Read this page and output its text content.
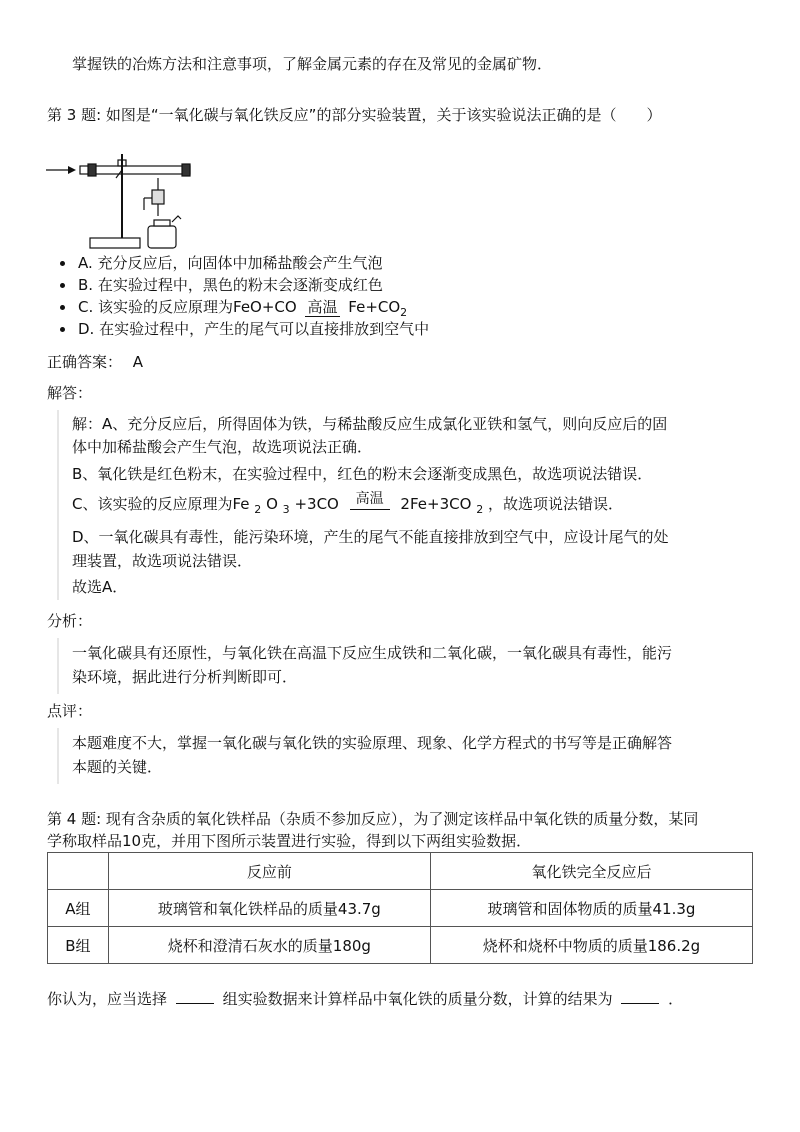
掌握铁的冶炼方法和注意事项，了解金属元素的存在及常见的金属矿物．
第 3 题: 如图是“一氧化碳与氧化铁反应”的部分实验装置，关于该实验说法正确的是（　　）
A. 充分反应后，向固体中加稀盐酸会产生气泡
B. 在实验过程中，黑色的粉末会逐渐变成红色
C. 该实验的反应原理为FeO+CO 高温 $Fe+CO_2$
D. 在实验过程中，产生的尾气可以直接排放到空气中
正确答案： A
解答：
解：A、充分反应后，所得固体为铁，与稀盐酸反应生成氯化亚铁和氢气，则向反应后的固
体中加稀盐酸会产生气泡，故选项说法正确．
B、氧化铁是红色粉末，在实验过程中，红色的粉末会逐渐变成黑色，故选项说法错误．
C、该实验的反应原理为Fe $_2$ O $_3$ +3CO	高温	2Fe+3CO $_2$ ，故选项说法错误．
D、一氧化碳具有毒性，能污染环境，产生的尾气不能直接排放到空气中，应设计尾气的处
理装置，故选项说法错误．
故选A．
分析：
一氧化碳具有还原性，与氧化铁在高温下反应生成铁和二氧化碳，一氧化碳具有毒性，能污
染环境，据此进行分析判断即可．
点评：
本题难度不大，掌握一氧化碳与氧化铁的实验原理、现象、化学方程式的书写等是正确解答
本题的关键．
第 4 题: 现有含杂质的氧化铁样品（杂质不参加反应），为了测定该样品中氧化铁的质量分数，某同
学称取样品10克，并用下图所示装置进行实验，得到以下两组实验数据．
	反应前	氧化铁完全反应后
A组	玻璃管和氧化铁样品的质量43.7g	玻璃管和固体物质的质量41.3g
B组	烧杯和澄清石灰水的质量180g	烧杯和烧杯中物质的质量186.2g
你认为，应当选择	组实验数据来计算样品中氧化铁的质量分数，计算的结果为	．
